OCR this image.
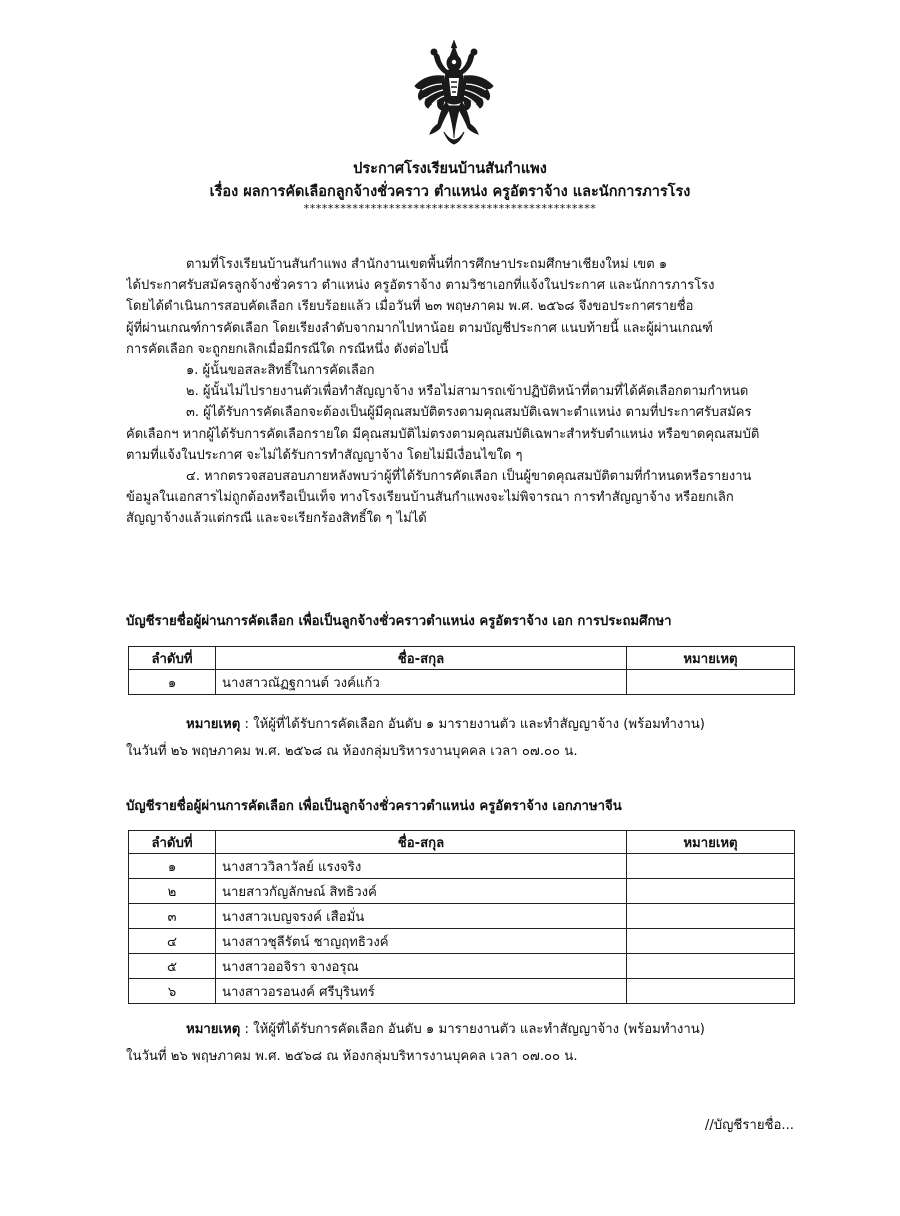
ประกาศโรงเรียนบ้านสันกำแพง
เรื่อง ผลการคัดเลือกลูกจ้างชั่วคราว ตำแหน่ง ครูอัตราจ้าง และนักการภารโรง
************************************************

ตามที่โรงเรียนบ้านสันกำแพง สำนักงานเขตพื้นที่การศึกษาประถมศึกษาเชียงใหม่ เขต ๑

ได้ประกาศรับสมัครลูกจ้างชั่วคราว ตำแหน่ง ครูอัตราจ้าง ตามวิชาเอกที่แจ้งในประกาศ และนักการภารโรง

โดยได้ดำเนินการสอบคัดเลือก เรียบร้อยแล้ว เมื่อวันที่ ๒๓ พฤษภาคม พ.ศ. ๒๕๖๘ จึงขอประกาศรายชื่อ

ผู้ที่ผ่านเกณฑ์การคัดเลือก โดยเรียงลำดับจากมากไปหาน้อย ตามบัญชีประกาศ แนบท้ายนี้ และผู้ผ่านเกณฑ์

การคัดเลือก จะถูกยกเลิกเมื่อมีกรณีใด กรณีหนึ่ง ดังต่อไปนี้

๑. ผู้นั้นขอสละสิทธิ์ในการคัดเลือก

๒. ผู้นั้นไม่ไปรายงานตัวเพื่อทำสัญญาจ้าง หรือไม่สามารถเข้าปฏิบัติหน้าที่ตามที่ได้คัดเลือกตามกำหนด

๓. ผู้ได้รับการคัดเลือกจะต้องเป็นผู้มีคุณสมบัติตรงตามคุณสมบัติเฉพาะตำแหน่ง ตามที่ประกาศรับสมัคร

คัดเลือกฯ หากผู้ได้รับการคัดเลือกรายใด มีคุณสมบัติไม่ตรงตามคุณสมบัติเฉพาะสำหรับตำแหน่ง หรือขาดคุณสมบัติ

ตามที่แจ้งในประกาศ จะไม่ได้รับการทำสัญญาจ้าง โดยไม่มีเงื่อนไขใด ๆ

๔. หากตรวจสอบสอบภายหลังพบว่าผู้ที่ได้รับการคัดเลือก เป็นผู้ขาดคุณสมบัติตามที่กำหนดหรือรายงาน

ข้อมูลในเอกสารไม่ถูกต้องหรือเป็นเท็จ ทางโรงเรียนบ้านสันกำแพงจะไม่พิจารณา การทำสัญญาจ้าง หรือยกเลิก

สัญญาจ้างแล้วแต่กรณี และจะเรียกร้องสิทธิ์ใด ๆ ไม่ได้

บัญชีรายชื่อผู้ผ่านการคัดเลือก เพื่อเป็นลูกจ้างชั่วคราวตำแหน่ง ครูอัตราจ้าง เอก การประถมศึกษา
ลำดับที่	ชื่อ-สกุล	หมายเหตุ
๑	นางสาวณัฏฐกานต์ วงค์แก้ว	

หมายเหตุ : ให้ผู้ที่ได้รับการคัดเลือก อันดับ ๑ มารายงานตัว และทำสัญญาจ้าง (พร้อมทำงาน)

ในวันที่ ๒๖ พฤษภาคม พ.ศ. ๒๕๖๘ ณ ห้องกลุ่มบริหารงานบุคคล เวลา ๐๗.๐๐ น.

บัญชีรายชื่อผู้ผ่านการคัดเลือก เพื่อเป็นลูกจ้างชั่วคราวตำแหน่ง ครูอัตราจ้าง เอกภาษาจีน
ลำดับที่	ชื่อ-สกุล	หมายเหตุ
๑	นางสาววิลาวัลย์ แรงจริง	
๒	นายสาวกัญลักษณ์ สิทธิวงค์	
๓	นางสาวเบญจรงค์ เสือมั่น	
๔	นางสาวชุลีรัตน์ ชาญฤทธิวงค์	
๕	นางสาวออจิรา จางอรุณ	
๖	นางสาวอรอนงค์ ศรีบุรินทร์	

หมายเหตุ : ให้ผู้ที่ได้รับการคัดเลือก อันดับ ๑ มารายงานตัว และทำสัญญาจ้าง (พร้อมทำงาน)

ในวันที่ ๒๖ พฤษภาคม พ.ศ. ๒๕๖๘ ณ ห้องกลุ่มบริหารงานบุคคล เวลา ๐๗.๐๐ น.

//บัญชีรายชื่อ...
